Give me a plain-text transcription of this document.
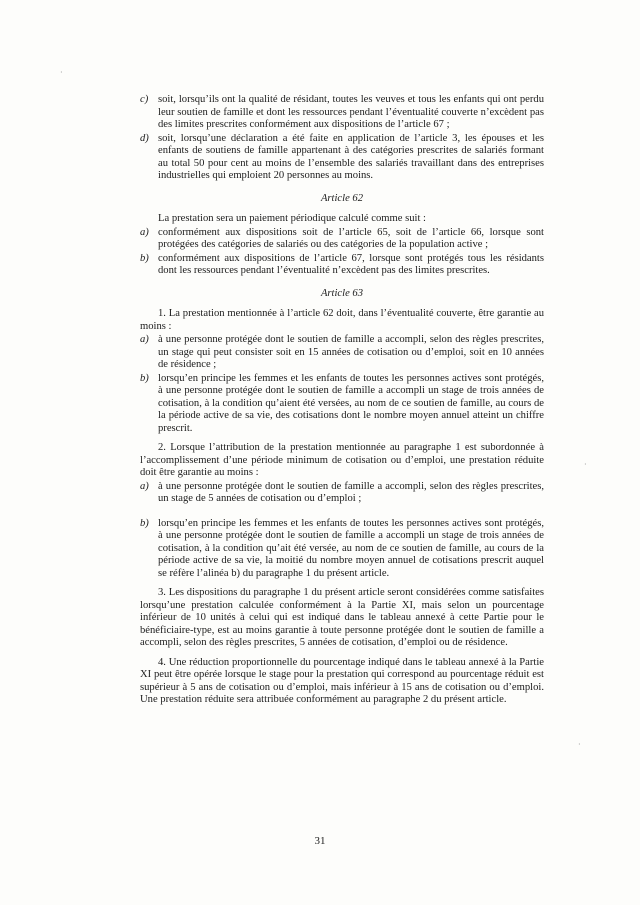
c) soit, lorsqu’ils ont la qualité de résidant, toutes les veuves et tous les enfants qui ont perdu leur soutien de famille et dont les ressources pendant l’éventualité couverte n’excèdent pas des limites prescrites conformément aux dispositions de l’article 67 ;
d) soit, lorsqu’une déclaration a été faite en application de l’article 3, les épouses et les enfants de soutiens de famille appartenant à des catégories prescrites de salariés formant au total 50 pour cent au moins de l’ensemble des salariés travaillant dans des entreprises industrielles qui emploient 20 personnes au moins.
Article 62
La prestation sera un paiement périodique calculé comme suit :
a) conformément aux dispositions soit de l’article 65, soit de l’article 66, lorsque sont protégées des catégories de salariés ou des catégories de la population active ;
b) conformément aux dispositions de l’article 67, lorsque sont protégés tous les résidants dont les ressources pendant l’éventualité n’excèdent pas des limites prescrites.
Article 63
1. La prestation mentionnée à l’article 62 doit, dans l’éventualité couverte, être garantie au moins :
a) à une personne protégée dont le soutien de famille a accompli, selon des règles prescrites, un stage qui peut consister soit en 15 années de cotisation ou d’emploi, soit en 10 années de résidence ;
b) lorsqu’en principe les femmes et les enfants de toutes les personnes actives sont protégés, à une personne protégée dont le soutien de famille a accompli un stage de trois années de cotisation, à la condition qu’aient été versées, au nom de ce soutien de famille, au cours de la période active de sa vie, des cotisations dont le nombre moyen annuel atteint un chiffre prescrit.
2. Lorsque l’attribution de la prestation mentionnée au paragraphe 1 est subordonnée à l’accomplissement d’une période minimum de cotisation ou d’emploi, une prestation réduite doit être garantie au moins :
a) à une personne protégée dont le soutien de famille a accompli, selon des règles prescrites, un stage de 5 années de cotisation ou d’emploi ;
b) lorsqu’en principe les femmes et les enfants de toutes les personnes actives sont protégés, à une personne protégée dont le soutien de famille a accompli un stage de trois années de cotisation, à la condition qu’ait été versée, au nom de ce soutien de famille, au cours de la période active de sa vie, la moitié du nombre moyen annuel de cotisations prescrit auquel se réfère l’alinéa b) du paragraphe 1 du présent article.
3. Les dispositions du paragraphe 1 du présent article seront considérées comme satisfaites lorsqu’une prestation calculée conformément à la Partie XI, mais selon un pourcentage inférieur de 10 unités à celui qui est indiqué dans le tableau annexé à cette Partie pour le bénéficiaire-type, est au moins garantie à toute personne protégée dont le soutien de famille a accompli, selon des règles prescrites, 5 années de cotisation, d’emploi ou de résidence.
4. Une réduction proportionnelle du pourcentage indiqué dans le tableau annexé à la Partie XI peut être opérée lorsque le stage pour la prestation qui correspond au pourcentage réduit est supérieur à 5 ans de cotisation ou d’emploi, mais inférieur à 15 ans de cotisation ou d’emploi. Une prestation réduite sera attribuée conformément au paragraphe 2 du présent article.
31
·
·
·
